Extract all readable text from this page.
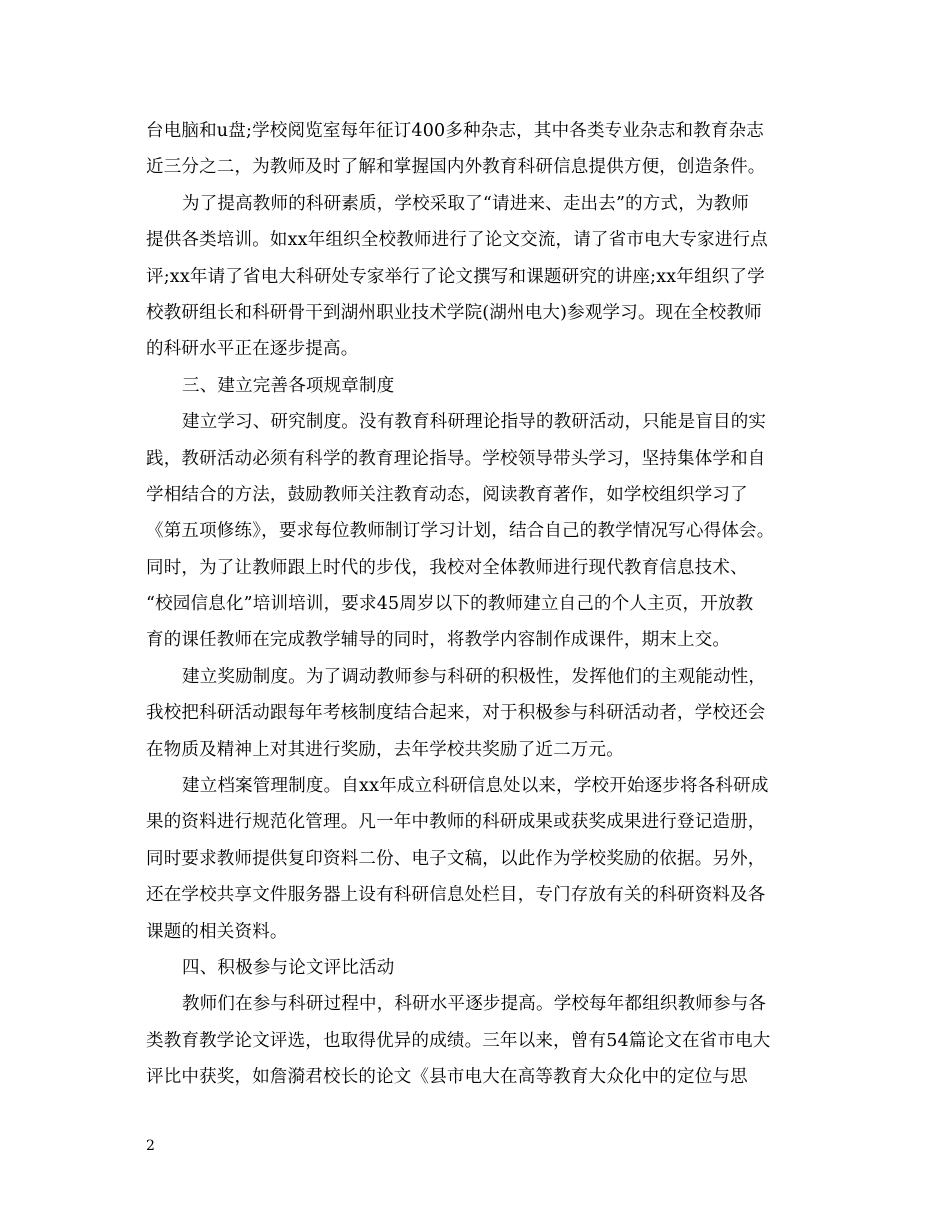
台电脑和u盘;学校阅览室每年征订400多种杂志，其中各类专业杂志和教育杂志
近三分之二，为教师及时了解和掌握国内外教育科研信息提供方便，创造条件。
为了提高教师的科研素质，学校采取了“请进来、走出去”的方式，为教师
提供各类培训。如xx年组织全校教师进行了论文交流，请了省市电大专家进行点
评;xx年请了省电大科研处专家举行了论文撰写和课题研究的讲座;xx年组织了学
校教研组长和科研骨干到湖州职业技术学院(湖州电大)参观学习。现在全校教师
的科研水平正在逐步提高。
三、建立完善各项规章制度
建立学习、研究制度。没有教育科研理论指导的教研活动，只能是盲目的实
践，教研活动必须有科学的教育理论指导。学校领导带头学习，坚持集体学和自
学相结合的方法，鼓励教师关注教育动态，阅读教育著作，如学校组织学习了
《第五项修练》，要求每位教师制订学习计划，结合自己的教学情况写心得体会。
同时，为了让教师跟上时代的步伐，我校对全体教师进行现代教育信息技术、
“校园信息化”培训培训，要求45周岁以下的教师建立自己的个人主页，开放教
育的课任教师在完成教学辅导的同时，将教学内容制作成课件，期末上交。
建立奖励制度。为了调动教师参与科研的积极性，发挥他们的主观能动性，
我校把科研活动跟每年考核制度结合起来，对于积极参与科研活动者，学校还会
在物质及精神上对其进行奖励，去年学校共奖励了近二万元。
建立档案管理制度。自xx年成立科研信息处以来，学校开始逐步将各科研成
果的资料进行规范化管理。凡一年中教师的科研成果或获奖成果进行登记造册，
同时要求教师提供复印资料二份、电子文稿，以此作为学校奖励的依据。另外，
还在学校共享文件服务器上设有科研信息处栏目，专门存放有关的科研资料及各
课题的相关资料。
四、积极参与论文评比活动
教师们在参与科研过程中，科研水平逐步提高。学校每年都组织教师参与各
类教育教学论文评选，也取得优异的成绩。三年以来，曾有54篇论文在省市电大
评比中获奖，如詹漪君校长的论文《县市电大在高等教育大众化中的定位与思
2
